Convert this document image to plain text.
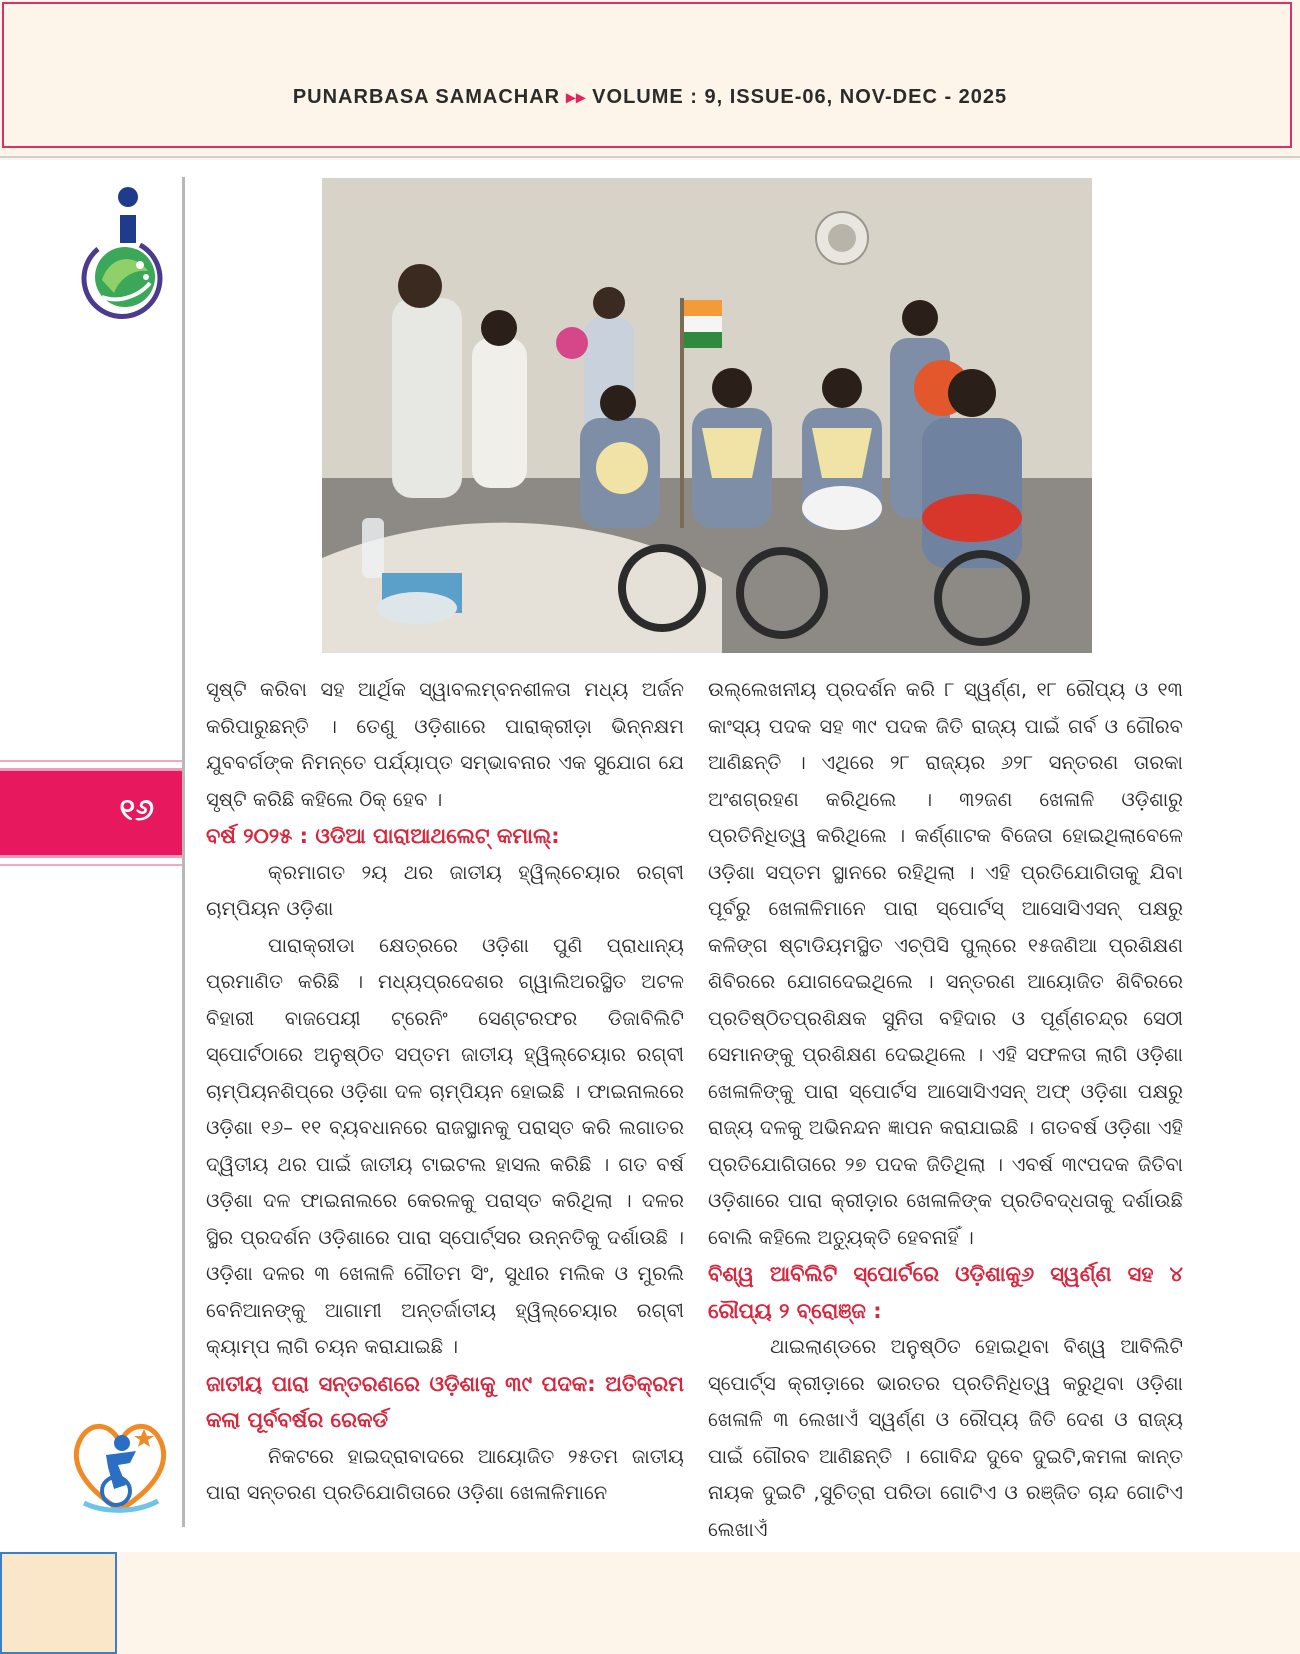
PUNARBASA SAMACHAR ▸▸ VOLUME : 9, ISSUE-06, NOV-DEC - 2025
୧୬

ସୃଷ୍ଟି କରିବା ସହ ଆର୍ଥିକ ସ୍ୱାବଲମ୍ବନଶୀଳତା ମଧ୍ୟ ଅର୍ଜନ କରିପାରୁଛନ୍ତି । ତେଣୁ ଓଡ଼ିଶାରେ ପାରାକ୍ରୀଡ଼ା ଭିନ୍ନକ୍ଷମ ଯୁବବର୍ଗଙ୍କ ନିମନ୍ତେ ପର୍ଯ୍ୟାପ୍ତ ସମ୍ଭାବନାର ଏକ ସୁଯୋଗ ଯେ ସୃଷ୍ଟି କରିଛି କହିଲେ ଠିକ୍ ହେବ ।

ବର୍ଷ ୨୦୨୫ : ଓଡିଆ ପାରାଆଥଲେଟ୍ କମାଲ୍:

କ୍ରମାଗତ ୨ୟ ଥର ଜାତୀୟ ହ୍ୱିଲ୍‌ଚେୟାର ରଗ୍‌ବୀ ଚାମ୍ପିୟନ ଓଡ଼ିଶା

ପାରାକ୍ରୀଡା କ୍ଷେତ୍ରରେ ଓଡ଼ିଶା ପୁଣି ପ୍ରାଧାନ୍ୟ ପ୍ରମାଣିତ କରିଛି । ମଧ୍ୟପ୍ରଦେଶର ଗ୍ୱାଲିଅରସ୍ଥିତ ଅଟଳ ବିହାରୀ ବାଜପେୟୀ ଟ୍ରେନିଂ ସେଣ୍ଟରଫର ଡିଜାବିଲିଟି ସ୍ପୋର୍ଟଠାରେ ଅନୁଷ୍ଠିତ ସପ୍ତମ ଜାତୀୟ ହ୍ୱିଲ୍‌ଚେୟାର ରଗ୍‌ବୀ ଚାମ୍ପିୟନଶିପ୍‌ରେ ଓଡ଼ିଶା ଦଳ ଚାମ୍ପିୟନ ହୋଇଛି । ଫାଇନାଲରେ ଓଡ଼ିଶା ୧୬– ୧୧ ବ୍ୟବଧାନରେ ରାଜସ୍ଥାନକୁ ପରାସ୍ତ କରି ଲଗାତର ଦ୍ୱିତୀୟ ଥର ପାଇଁ ଜାତୀୟ ଟାଇଟଲ ହାସଲ କରିଛି । ଗତ ବର୍ଷ ଓଡ଼ିଶା ଦଳ ଫାଇନାଲରେ କେରଳକୁ ପରାସ୍ତ କରିଥିଲା । ଦଳର ସ୍ଥିର ପ୍ରଦର୍ଶନ ଓଡ଼ିଶାରେ ପାରା ସ୍ପୋର୍ଟ୍ସର ଉନ୍ନତିକୁ ଦର୍ଶାଉଛି । ଓଡ଼ିଶା ଦଳର ୩ ଖେଳାଳି ଗୌତମ ସିଂ, ସୁଧୀର ମଲିକ ଓ ମୁରଲି ବେନିଆନଙ୍କୁ ଆଗାମୀ ଅନ୍ତର୍ଜାତୀୟ ହ୍ୱିଲ୍‌ଚେୟାର ରଗ୍‌ବୀ କ୍ୟାମ୍ପ ଲାଗି ଚୟନ କରାଯାଇଛି ।

ଜାତୀୟ ପାରା ସନ୍ତରଣରେ ଓଡ଼ିଶାକୁ ୩୯ ପଦକ: ଅତିକ୍ରମ କଲା ପୂର୍ବବର୍ଷର ରେକର୍ଡ

ନିକଟରେ ହାଇଦ୍ରାବାଦରେ ଆୟୋଜିତ ୨୫ତମ ଜାତୀୟ ପାରା ସନ୍ତରଣ ପ୍ରତିଯୋଗିତାରେ ଓଡ଼ିଶା ଖେଳାଳିମାନେ

ଉଲ୍ଲେଖନୀୟ ପ୍ରଦର୍ଶନ କରି ୮ ସ୍ୱର୍ଣ୍ଣ, ୧୮ ରୌପ୍ୟ ଓ ୧୩ କାଂସ୍ୟ ପଦକ ସହ ୩୯ ପଦକ ଜିତି ରାଜ୍ୟ ପାଇଁ ଗର୍ବ ଓ ଗୌରବ ଆଣିଛନ୍ତି । ଏଥିରେ ୨୮ ରାଜ୍ୟର ୬୨୮ ସନ୍ତରଣ ତାରକା ଅଂଶଗ୍ରହଣ କରିଥିଲେ । ୩୨ଜଣ ଖେଳାଳି ଓଡ଼ିଶାରୁ ପ୍ରତିନିଧିତ୍ୱ କରିଥିଲେ । କର୍ଣ୍ଣାଟକ ବିଜେତା ହୋଇଥିଲାବେଳେ ଓଡ଼ିଶା ସପ୍ତମ ସ୍ଥାନରେ ରହିଥିଲା । ଏହି ପ୍ରତିଯୋଗିତାକୁ ଯିବା ପୂର୍ବରୁ ଖେଳାଳିମାନେ ପାରା ସ୍ପୋର୍ଟସ୍ ଆସୋସିଏସନ୍ ପକ୍ଷରୁ କଳିଙ୍ଗ ଷ୍ଟାଡିୟମସ୍ଥିତ ଏଚ୍‌ପିସି ପୁଲ୍‌ରେ ୧୫ଜଣିଆ ପ୍ରଶିକ୍ଷଣ ଶିବିରରେ ଯୋଗଦେଇଥିଲେ । ସନ୍ତରଣ ଆୟୋଜିତ ଶିବିରରେ ପ୍ରତିଷ୍ଠିତପ୍ରଶିକ୍ଷକ ସୁନିତା ବହିଦାର ଓ ପୂର୍ଣ୍ଣଚନ୍ଦ୍ର ସେଠୀ ସେମାନଙ୍କୁ ପ୍ରଶିକ୍ଷଣ ଦେଇଥିଲେ । ଏହି ସଫଳତା ଲାଗି ଓଡ଼ିଶା ଖେଳାଳିଙ୍କୁ ପାରା ସ୍ପୋର୍ଟସ ଆସୋସିଏସନ୍ ଅଫ୍ ଓଡ଼ିଶା ପକ୍ଷରୁ ରାଜ୍ୟ ଦଳକୁ ଅଭିନନ୍ଦନ ଜ୍ଞାପନ କରାଯାଇଛି । ଗତବର୍ଷ ଓଡ଼ିଶା ଏହି ପ୍ରତିଯୋଗିତାରେ ୨୭ ପଦକ ଜିତିଥିଲା । ଏବର୍ଷ ୩୯ପଦକ ଜିତିବା ଓଡ଼ିଶାରେ ପାରା କ୍ରୀଡ଼ାର ଖେଳାଳିଙ୍କ ପ୍ରତିବଦ୍ଧତାକୁ ଦର୍ଶାଉଛି ବୋଲି କହିଲେ ଅତ୍ୟୁକ୍ତି ହେବନାହିଁ ।

ବିଶ୍ୱ ଆବିଲିଟି ସ୍ପୋର୍ଟରେ ଓଡ଼ିଶାକୁ୬ ସ୍ୱର୍ଣ୍ଣ ସହ ୪ ରୌପ୍ୟ ୨ ବ୍ରୋଞ୍ଜ :

ଥାଇଲାଣ୍ଡରେ ଅନୁଷ୍ଠିତ ହୋଇଥିବା ବିଶ୍ୱ ଆବିଲିଟି ସ୍ପୋର୍ଟ୍ସ କ୍ରୀଡ଼ାରେ ଭାରତର ପ୍ରତିନିଧିତ୍ୱ କରୁଥିବା ଓଡ଼ିଶା ଖେଳାଳି ୩ ଲେଖାଏଁ ସ୍ୱର୍ଣ୍ଣ ଓ ରୌପ୍ୟ ଜିତି ଦେଶ ଓ ରାଜ୍ୟ ପାଇଁ ଗୌରବ ଆଣିଛନ୍ତି । ଗୋବିନ୍ଦ ଦୁବେ ଦୁଇଟି,କମଳା କାନ୍ତ ନାୟକ ଦୁଇଟି ,ସୁଚିତ୍ରା ପରିଡା ଗୋଟିଏ ଓ ରଞ୍ଜିତ ଚାନ୍ଦ ଗୋଟିଏ ଲେଖାଏଁ
